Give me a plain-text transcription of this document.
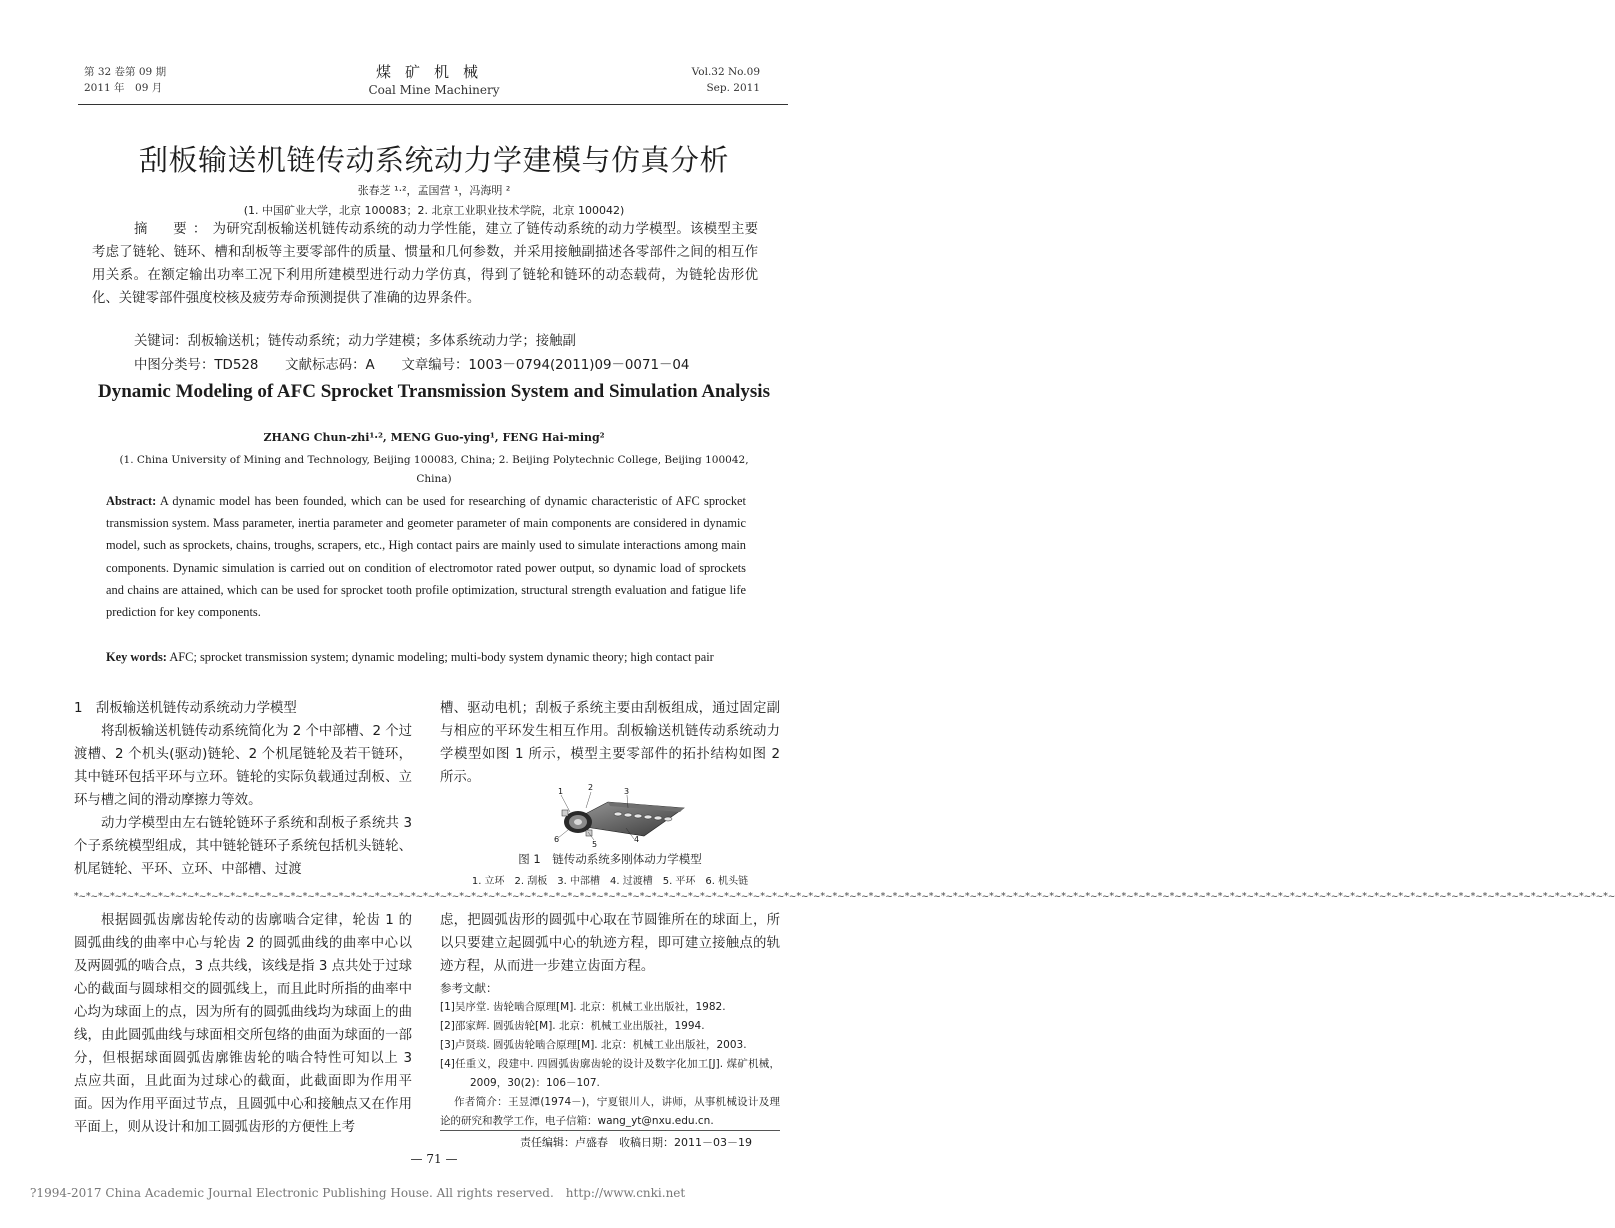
第 32 卷第 09 期
2011 年　09 月
煤矿机械
Coal Mine Machinery
Vol.32 No.09
Sep. 2011
刮板输送机链传动系统动力学建模与仿真分析
张春芝 ¹·²，孟国营 ¹，冯海明 ²
(1. 中国矿业大学，北京 100083；2. 北京工业职业技术学院，北京 100042)
摘　要：为研究刮板输送机链传动系统的动力学性能，建立了链传动系统的动力学模型。该模型主要考虑了链轮、链环、槽和刮板等主要零部件的质量、惯量和几何参数，并采用接触副描述各零部件之间的相互作用关系。在额定输出功率工况下利用所建模型进行动力学仿真，得到了链轮和链环的动态载荷，为链轮齿形优化、关键零部件强度校核及疲劳寿命预测提供了准确的边界条件。
关键词：刮板输送机；链传动系统；动力学建模；多体系统动力学；接触副
中图分类号：TD528　　文献标志码：A　　文章编号：1003－0794(2011)09－0071－04
Dynamic Modeling of AFC Sprocket Transmission System and Simulation Analysis
ZHANG Chun-zhi¹·², MENG Guo-ying¹, FENG Hai-ming²
(1. China University of Mining and Technology, Beijing 100083, China; 2. Beijing Polytechnic College, Beijing 100042, China)
Abstract: A dynamic model has been founded, which can be used for researching of dynamic characteristic of AFC sprocket transmission system. Mass parameter, inertia parameter and geometer parameter of main components are considered in dynamic model, such as sprockets, chains, troughs, scrapers, etc., High contact pairs are mainly used to simulate interactions among main components. Dynamic simulation is carried out on condition of electromotor rated power output, so dynamic load of sprockets and chains are attained, which can be used for sprocket tooth profile optimization, structural strength evaluation and fatigue life prediction for key components.
Key words: AFC; sprocket transmission system; dynamic modeling; multi-body system dynamic theory; high contact pair
1　刮板输送机链传动系统动力学模型

将刮板输送机链传动系统简化为 2 个中部槽、2 个过渡槽、2 个机头(驱动)链轮、2 个机尾链轮及若干链环，其中链环包括平环与立环。链轮的实际负载通过刮板、立环与槽之间的滑动摩擦力等效。

动力学模型由左右链轮链环子系统和刮板子系统共 3 个子系统模型组成，其中链轮链环子系统包括机头链轮、机尾链轮、平环、立环、中部槽、过渡

槽、驱动电机；刮板子系统主要由刮板组成，通过固定副与相应的平环发生相互作用。刮板输送机链传动系统动力学模型如图 1 所示，模型主要零部件的拓扑结构如图 2 所示。

1	2	3
4
5
6
图 1　链传动系统多刚体动力学模型
1. 立环　2. 刮板　3. 中部槽　4. 过渡槽　5. 平环　6. 机头链
*~*~*~*~*~*~*~*~*~*~*~*~*~*~*~*~*~*~*~*~*~*~*~*~*~*~*~*~*~*~*~*~*~*~*~*~*~*~*~*~*~*~*~*~*~*~*~*~*~*~*~*~*~*~*~*~*~*~*~*~*~*~*~*~*~*~*~*~*~*~*~*~*~*~*~*~*~*~*~*~*~*~*~*~*~*~*~*~*~*~*~*~*~*~*~*~*~*~*~*~*~*~*~*~*~*~*~*~*~*~*~*~*~*~*~*~*~*~*~*~*~*~*~*~*~*~*~*~

根据圆弧齿廓齿轮传动的齿廓啮合定律，轮齿 1 的圆弧曲线的曲率中心与轮齿 2 的圆弧曲线的曲率中心以及两圆弧的啮合点，3 点共线，该线是指 3 点共处于过球心的截面与圆球相交的圆弧线上，而且此时所指的曲率中心均为球面上的点，因为所有的圆弧曲线均为球面上的曲线，由此圆弧曲线与球面相交所包络的曲面为球面的一部分，但根据球面圆弧齿廓锥齿轮的啮合特性可知以上 3 点应共面，且此面为过球心的截面，此截面即为作用平面。因为作用平面过节点，且圆弧中心和接触点又在作用平面上，则从设计和加工圆弧齿形的方便性上考

虑，把圆弧齿形的圆弧中心取在节圆锥所在的球面上，所以只要建立起圆弧中心的轨迹方程，即可建立接触点的轨迹方程，从而进一步建立齿面方程。

参考文献：

[1]吴序堂. 齿轮啮合原理[M]. 北京：机械工业出版社，1982.

[2]邵家辉. 圆弧齿轮[M]. 北京：机械工业出版社，1994.

[3]卢贤琰. 圆弧齿轮啮合原理[M]. 北京：机械工业出版社，2003.

[4]任重义，段建中. 四圆弧齿廓齿轮的设计及数字化加工[J]. 煤矿机械，2009，30(2)：106－107.

作者简介：王昱潭(1974－)，宁夏银川人，讲师，从事机械设计及理论的研究和教学工作，电子信箱：wang_yt@nxu.edu.cn.
责任编辑：卢盛春　收稿日期：2011－03－19
— 71 —
?1994-2017 China Academic Journal Electronic Publishing House. All rights reserved.　http://www.cnki.net
